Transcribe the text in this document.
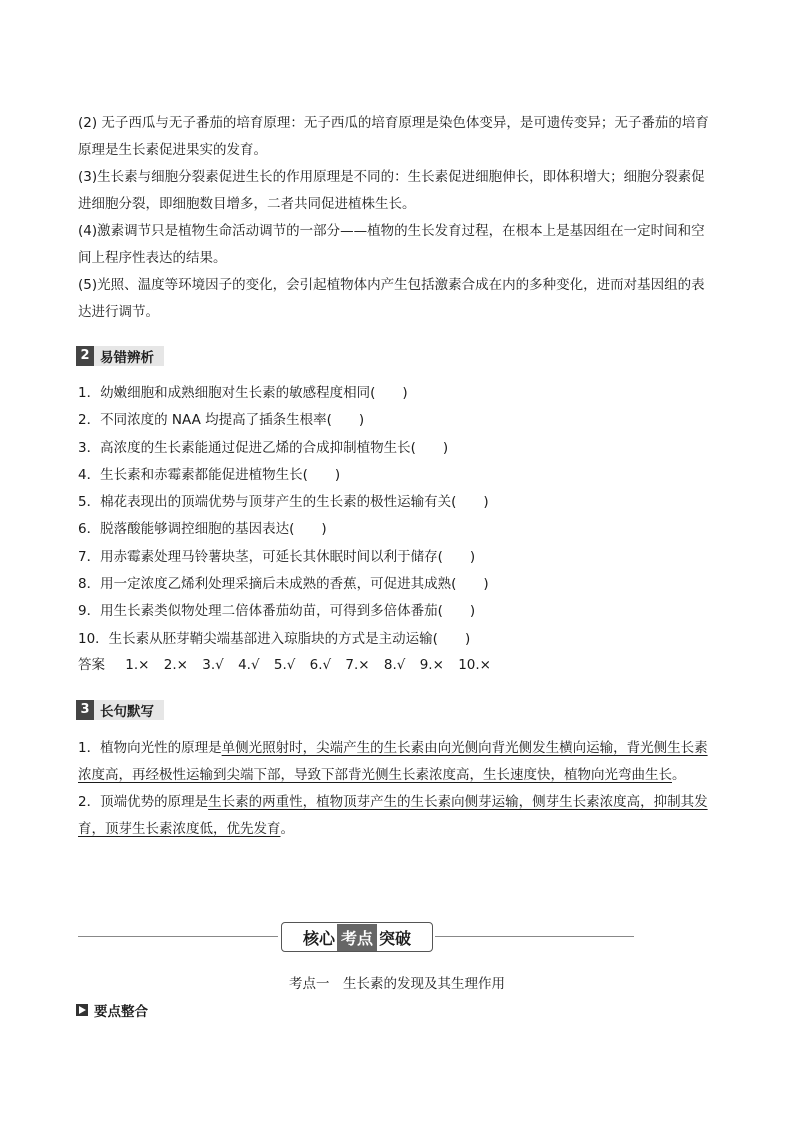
(2) 无子西瓜与无子番茄的培育原理：无子西瓜的培育原理是染色体变异，是可遗传变异；无子番茄的培育原理是生长素促进果实的发育。
(3)生长素与细胞分裂素促进生长的作用原理是不同的：生长素促进细胞伸长，即体积增大；细胞分裂素促进细胞分裂，即细胞数目增多，二者共同促进植株生长。
(4)激素调节只是植物生命活动调节的一部分——植物的生长发育过程，在根本上是基因组在一定时间和空间上程序性表达的结果。
(5)光照、温度等环境因子的变化，会引起植物体内产生包括激素合成在内的多种变化，进而对基因组的表达进行调节。
2 易错辨析
1．幼嫩细胞和成熟细胞对生长素的敏感程度相同(　　)
2．不同浓度的 NAA 均提高了插条生根率(　　)
3．高浓度的生长素能通过促进乙烯的合成抑制植物生长(　　)
4．生长素和赤霉素都能促进植物生长(　　)
5．棉花表现出的顶端优势与顶芽产生的生长素的极性运输有关(　　)
6．脱落酸能够调控细胞的基因表达(　　)
7．用赤霉素处理马铃薯块茎，可延长其休眠时间以利于储存(　　)
8．用一定浓度乙烯利处理采摘后未成熟的香蕉，可促进其成熟(　　)
9．用生长素类似物处理二倍体番茄幼苗，可得到多倍体番茄(　　)
10．生长素从胚芽鞘尖端基部进入琼脂块的方式是主动运输(　　)
答案 1.× 2.× 3.√ 4.√ 5.√ 6.√ 7.× 8.√ 9.× 10.×
3 长句默写
1．植物向光性的原理是单侧光照射时，尖端产生的生长素由向光侧向背光侧发生横向运输，背光侧生长素浓度高，再经极性运输到尖端下部，导致下部背光侧生长素浓度高，生长速度快，植物向光弯曲生长。
2．顶端优势的原理是生长素的两重性，植物顶芽产生的生长素向侧芽运输，侧芽生长素浓度高，抑制其发育，顶芽生长素浓度低，优先发育。
核心 考点 突破
考点一　生长素的发现及其生理作用
要点整合
